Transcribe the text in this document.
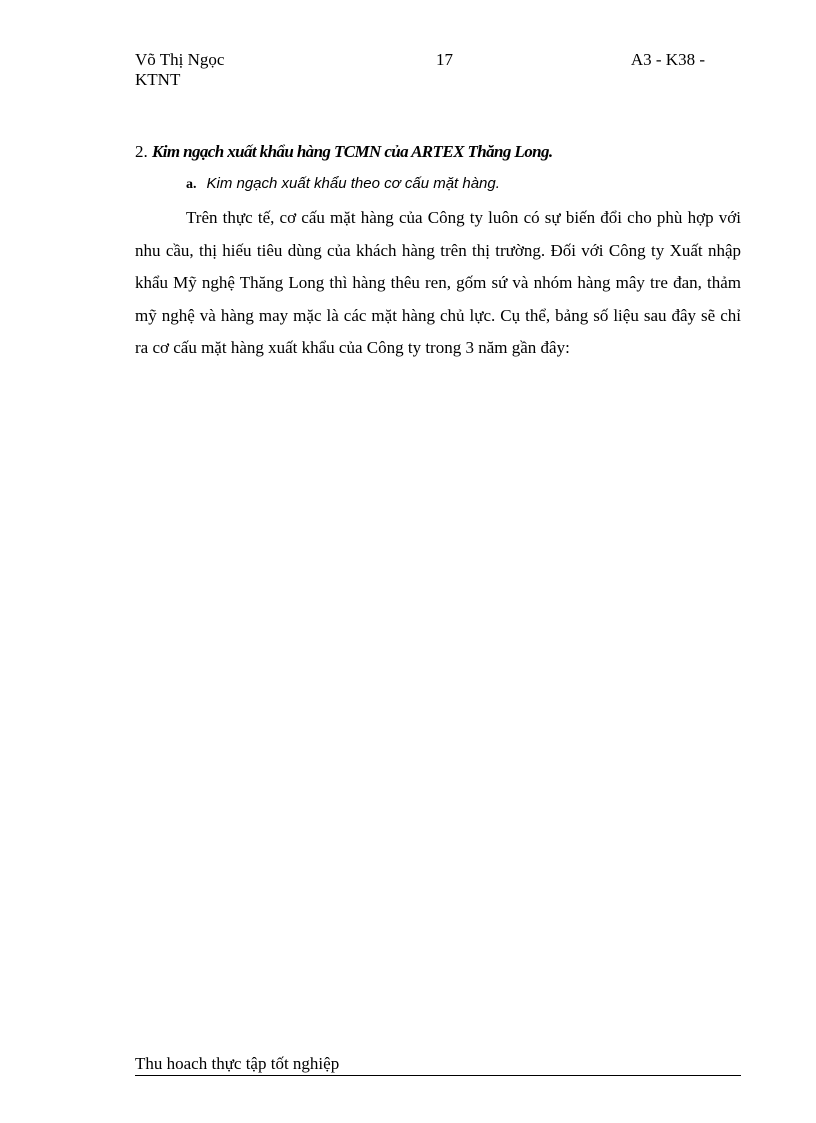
Võ Thị Ngọc KTNT
17	A3 - K38 -
2. Kim ngạch xuất khẩu hàng TCMN của ARTEX Thăng Long.
a. Kim ngạch xuất khẩu theo cơ cấu mặt hàng.

Trên thực tế, cơ cấu mặt hàng của Công ty luôn có sự biến đổi cho phù hợp với nhu cầu, thị hiếu tiêu dùng của khách hàng trên thị trường. Đối với Công ty Xuất nhập khẩu Mỹ nghệ Thăng Long thì hàng thêu ren, gốm sứ và nhóm hàng mây tre đan, thảm mỹ nghệ và hàng may mặc là các mặt hàng chủ lực. Cụ thể, bảng số liệu sau đây sẽ chỉ ra cơ cấu mặt hàng xuất khẩu của Công ty trong 3 năm gần đây:

Thu hoach thực tập tốt nghiệp
